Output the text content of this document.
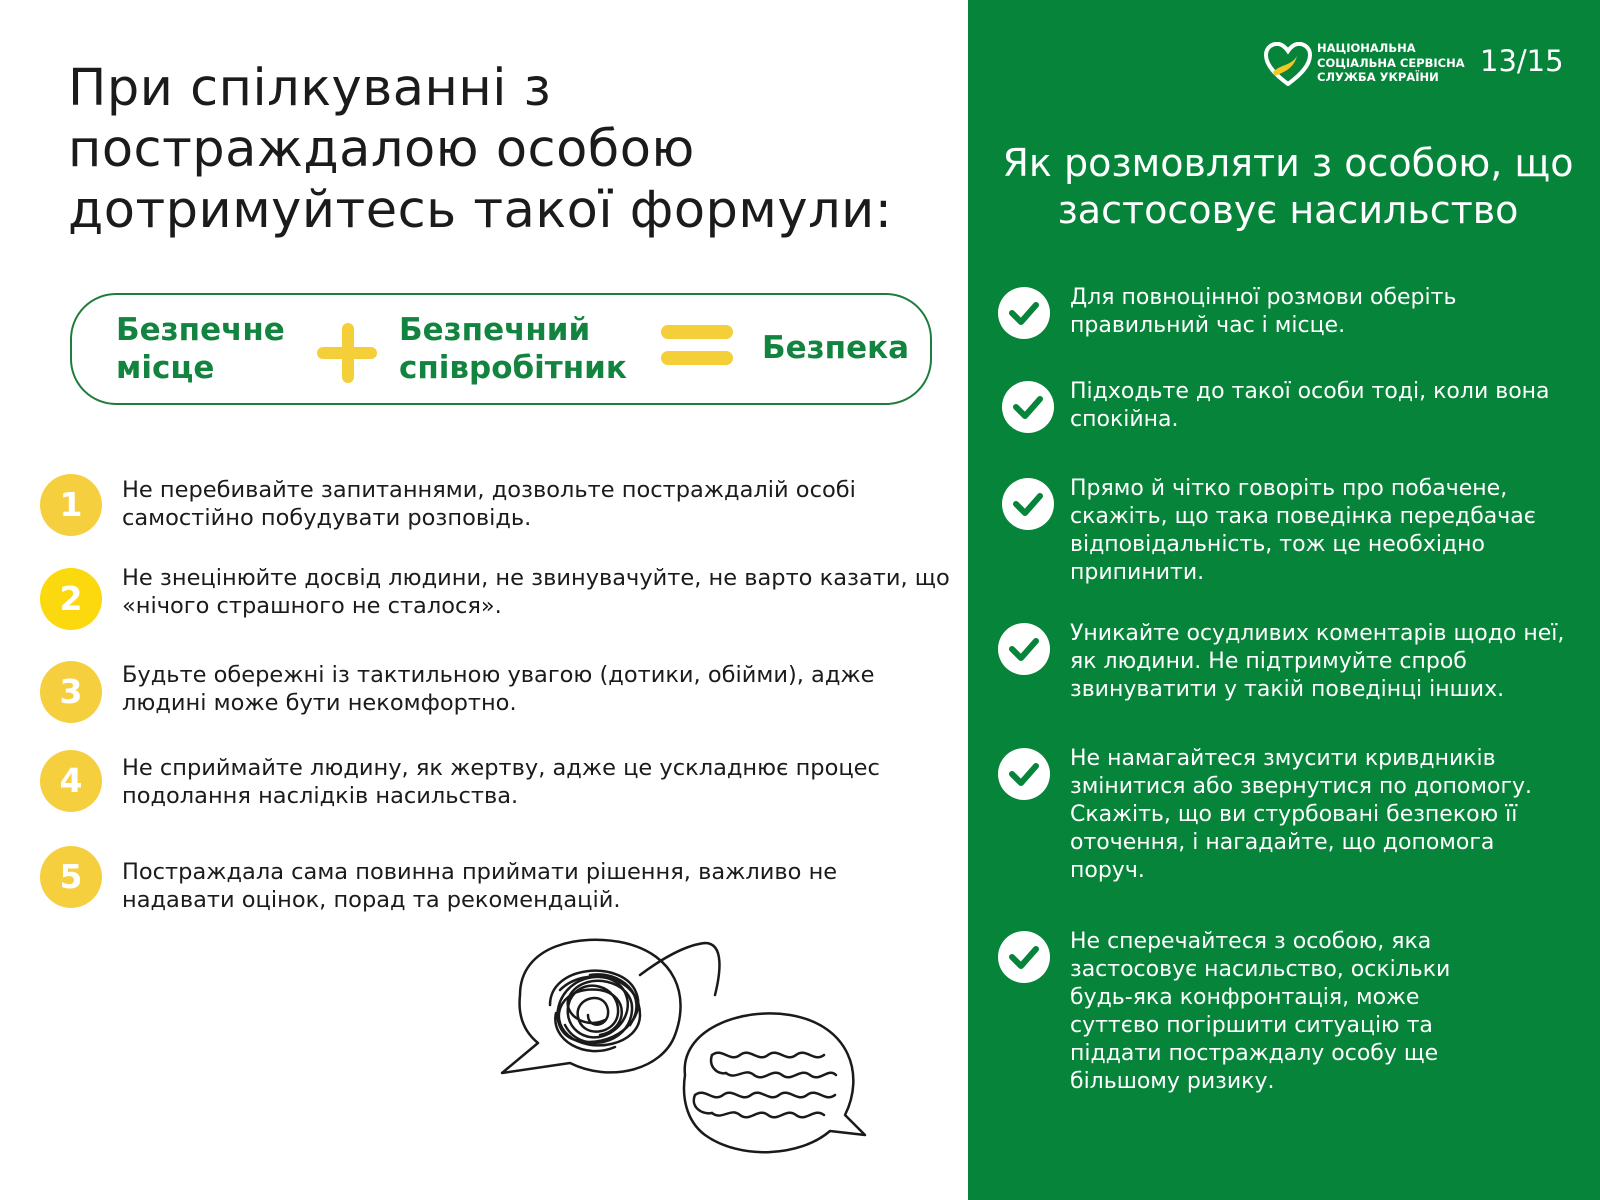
При спілкуванні з постраждалою особою дотримуйтесь такої формули:
Безпечне місце
Безпечний співробітник
Безпека
1	Не перебивайте запитаннями, дозвольте постраждалій особі самостійно побудувати розповідь.
2
Не знецінюйте досвід людини, не звинувачуйте, не варто казати, що «нічого страшного не сталося».
3	Будьте обережні із тактильною увагою (дотики, обійми), адже людині може бути некомфортно.
4	Не сприймайте людину, як жертву, адже це ускладнює процес подолання наслідків насильства.
5	Постраждала сама повинна приймати рішення, важливо не надавати оцінок, порад та рекомендацій.
НАЦІОНАЛЬНА СОЦІАЛЬНА СЕРВІСНА СЛУЖБА УКРАЇНИ	13/15
Як розмовляти з особою, що застосовує насильство
Для повноцінної розмови оберіть правильний час і місце.
Підходьте до такої особи тоді, коли вона спокійна.
Прямо й чітко говоріть про побачене, скажіть, що така поведінка передбачає відповідальність, тож це необхідно припинити.
Уникайте осудливих коментарів щодо неї, як людини. Не підтримуйте спроб звинуватити у такій поведінці інших.
Не намагайтеся змусити кривдників змінитися або звернутися по допомогу. Скажіть, що ви стурбовані безпекою її оточення, і нагадайте, що допомога поруч.
Не сперечайтеся з особою, яка застосовує насильство, оскільки будь-яка конфронтація, може суттєво погіршити ситуацію та піддати постраждалу особу ще більшому ризику.
